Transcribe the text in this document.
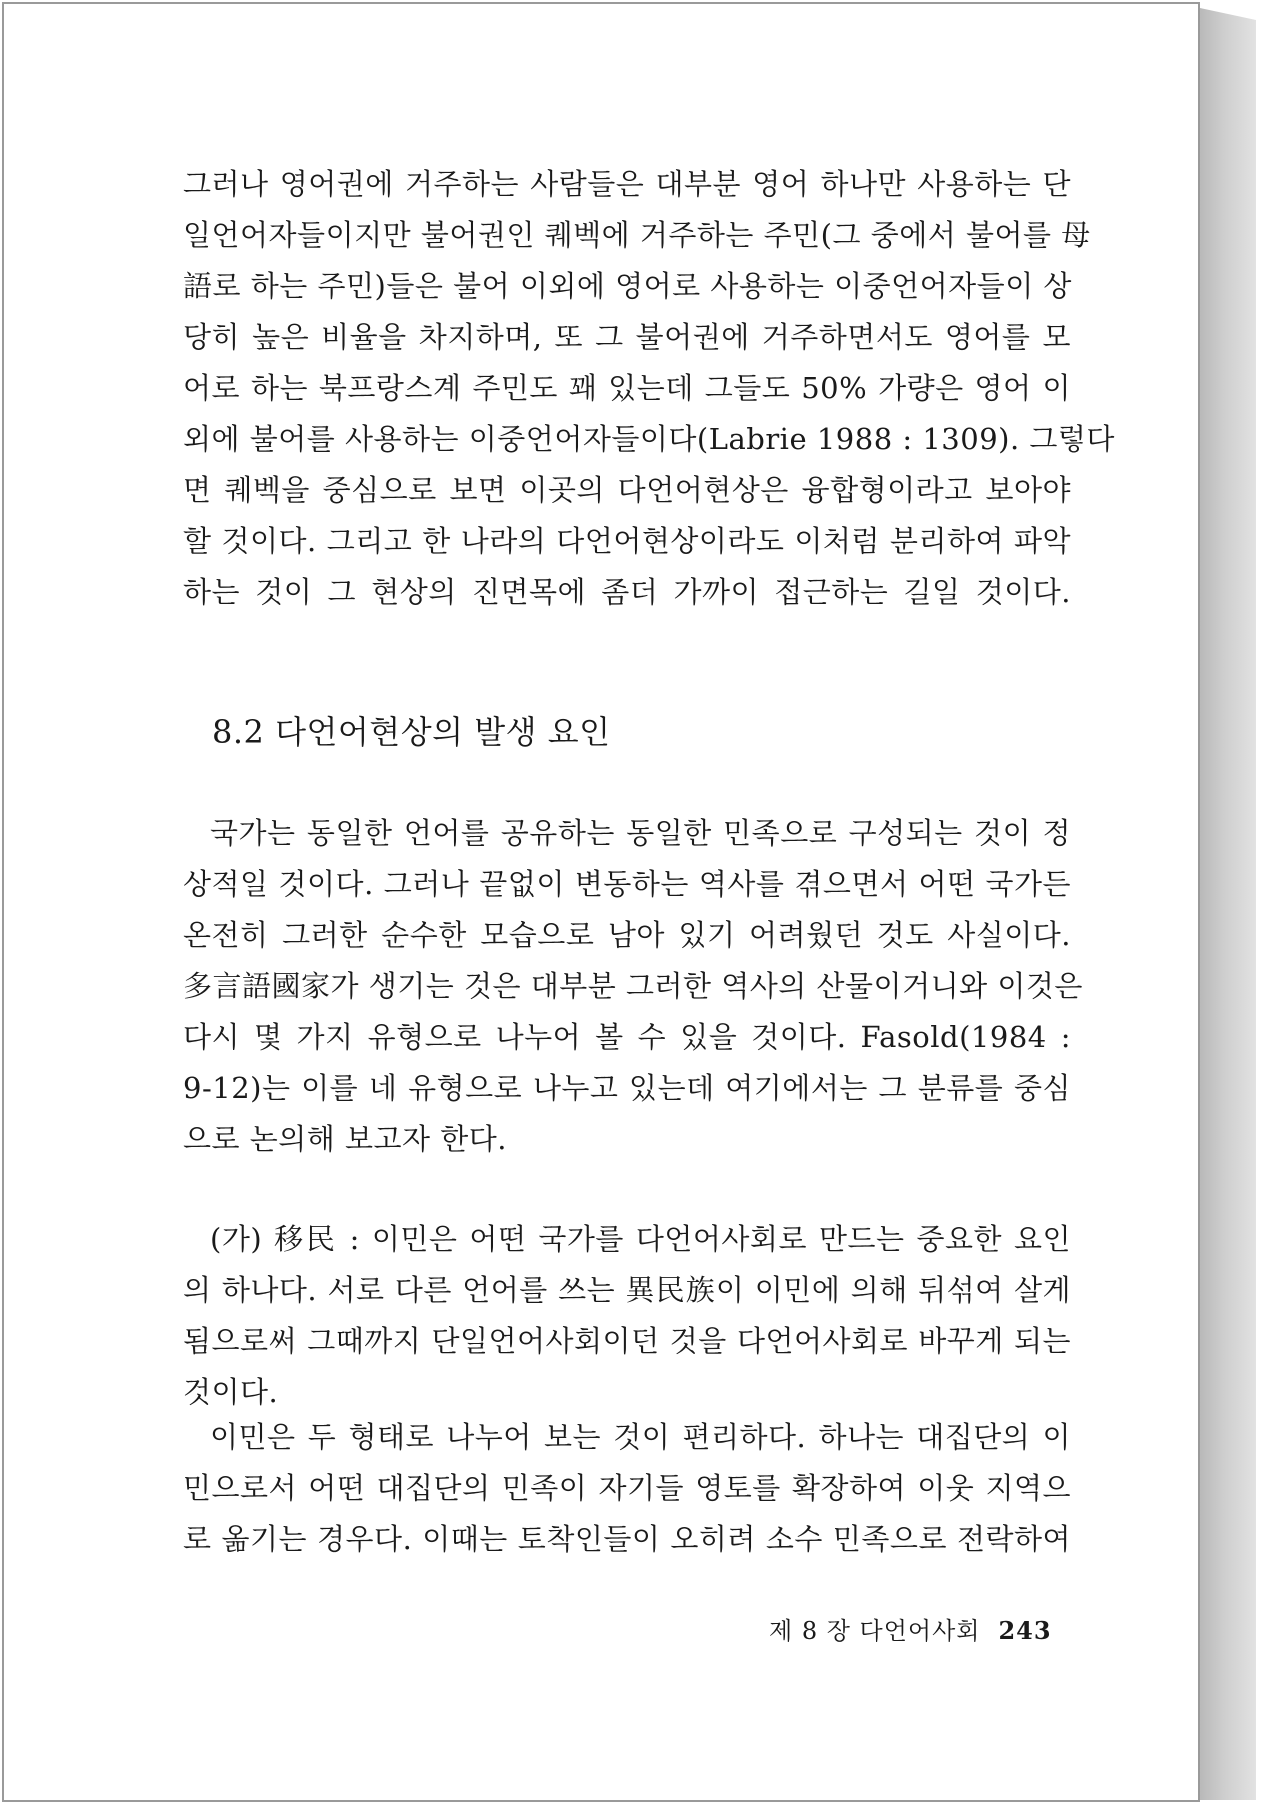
그러나 영어권에 거주하는 사람들은 대부분 영어 하나만 사용하는 단
일언어자들이지만 불어권인 퀘벡에 거주하는 주민(그 중에서 불어를 母
語로 하는 주민)들은 불어 이외에 영어로 사용하는 이중언어자들이 상
당히 높은 비율을 차지하며, 또 그 불어권에 거주하면서도 영어를 모
어로 하는 북프랑스계 주민도 꽤 있는데 그들도 50% 가량은 영어 이
외에 불어를 사용하는 이중언어자들이다(Labrie 1988 : 1309). 그렇다
면 퀘벡을 중심으로 보면 이곳의 다언어현상은 융합형이라고 보아야
할 것이다. 그리고 한 나라의 다언어현상이라도 이처럼 분리하여 파악
하는 것이 그 현상의 진면목에 좀더 가까이 접근하는 길일 것이다.
8.2 다언어현상의 발생 요인
국가는 동일한 언어를 공유하는 동일한 민족으로 구성되는 것이 정
상적일 것이다. 그러나 끝없이 변동하는 역사를 겪으면서 어떤 국가든
온전히 그러한 순수한 모습으로 남아 있기 어려웠던 것도 사실이다.
多言語國家가 생기는 것은 대부분 그러한 역사의 산물이거니와 이것은
다시 몇 가지 유형으로 나누어 볼 수 있을 것이다. Fasold(1984 :
9-12)는 이를 네 유형으로 나누고 있는데 여기에서는 그 분류를 중심
으로 논의해 보고자 한다.
(가) 移民 : 이민은 어떤 국가를 다언어사회로 만드는 중요한 요인
의 하나다. 서로 다른 언어를 쓰는 異民族이 이민에 의해 뒤섞여 살게
됨으로써 그때까지 단일언어사회이던 것을 다언어사회로 바꾸게 되는
것이다.
이민은 두 형태로 나누어 보는 것이 편리하다. 하나는 대집단의 이
민으로서 어떤 대집단의 민족이 자기들 영토를 확장하여 이웃 지역으
로 옮기는 경우다. 이때는 토착인들이 오히려 소수 민족으로 전락하여
제 8 장 다언어사회 243
